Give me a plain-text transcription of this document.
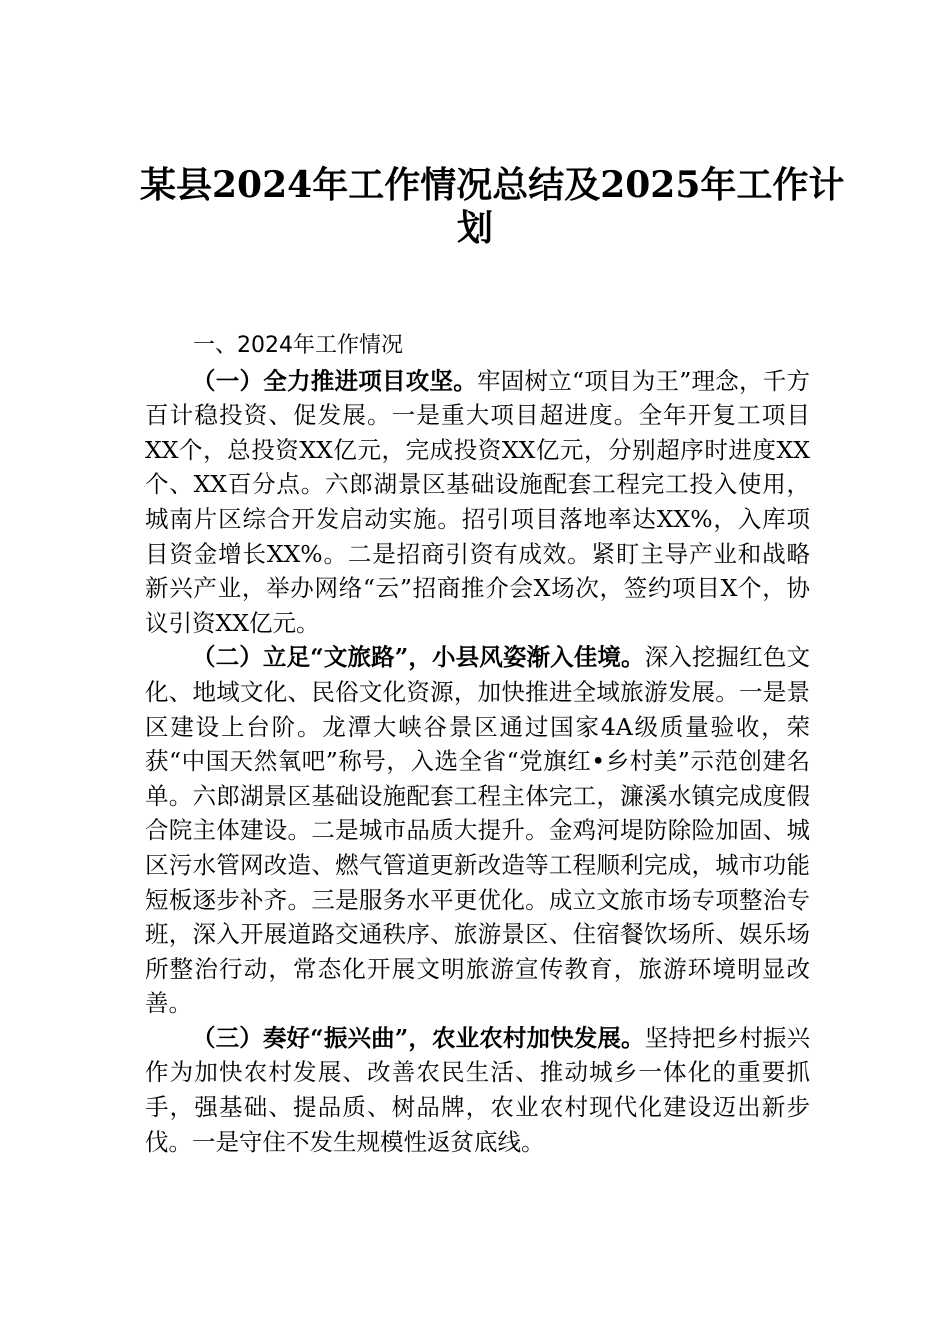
某县2024年工作情况总结及2025年工作计
划

一、2024年工作情况

（一）全力推进项目攻坚。牢固树立“项目为王”理念，千方百计稳投资、促发展。一是重大项目超进度。全年开复工项目XX个，总投资XX亿元，完成投资XX亿元，分别超序时进度XX个、XX百分点。六郎湖景区基础设施配套工程完工投入使用，城南片区综合开发启动实施。招引项目落地率达XX%，入库项目资金增长XX%。二是招商引资有成效。紧盯主导产业和战略新兴产业，举办网络“云”招商推介会X场次，签约项目X个，协议引资XX亿元。

（二）立足“文旅路”，小县风姿渐入佳境。深入挖掘红色文化、地域文化、民俗文化资源，加快推进全域旅游发展。一是景区建设上台阶。龙潭大峡谷景区通过国家4A级质量验收，荣获“中国天然氧吧”称号，入选全省“党旗红•乡村美”示范创建名单。六郎湖景区基础设施配套工程主体完工，濂溪水镇完成度假合院主体建设。二是城市品质大提升。金鸡河堤防除险加固、城区污水管网改造、燃气管道更新改造等工程顺利完成，城市功能短板逐步补齐。三是服务水平更优化。成立文旅市场专项整治专班，深入开展道路交通秩序、旅游景区、住宿餐饮场所、娱乐场所整治行动，常态化开展文明旅游宣传教育，旅游环境明显改善。

（三）奏好“振兴曲”，农业农村加快发展。坚持把乡村振兴作为加快农村发展、改善农民生活、推动城乡一体化的重要抓手，强基础、提品质、树品牌，农业农村现代化建设迈出新步伐。一是守住不发生规模性返贫底线。
